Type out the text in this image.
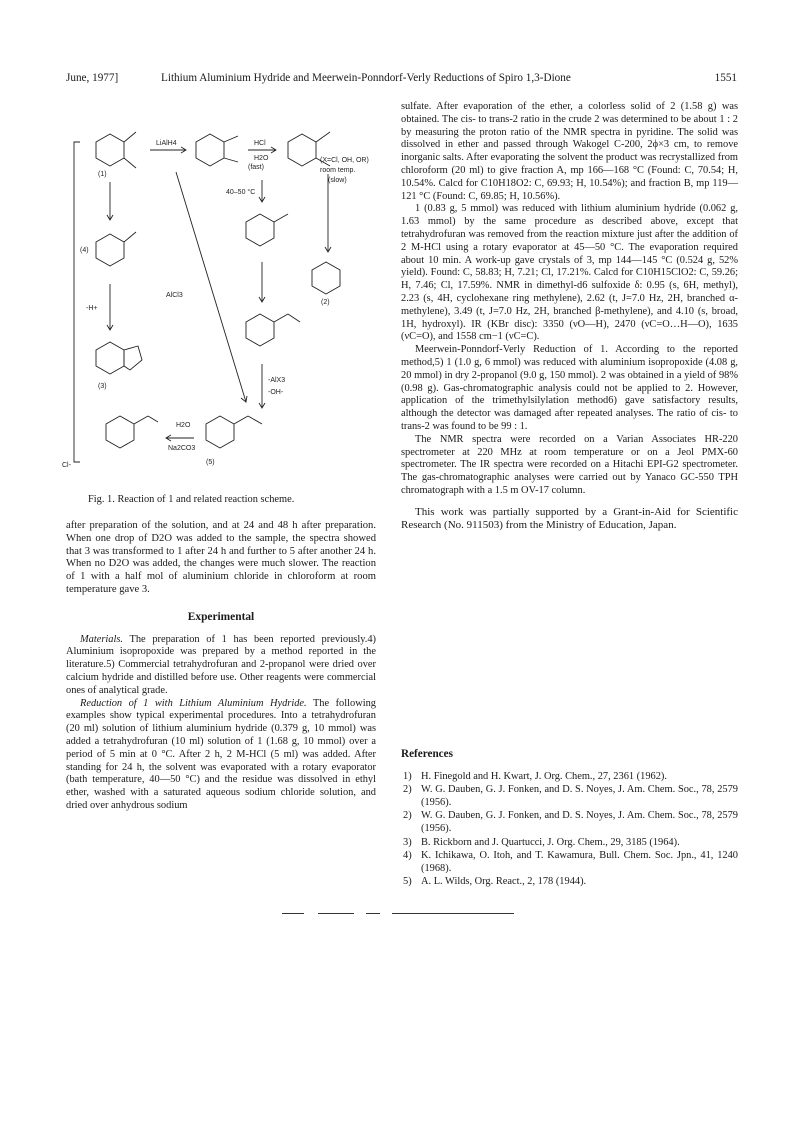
June, 1977]	Lithium Aluminium Hydride and Meerwein-Ponndorf-Verly Reductions of Spiro 1,3-Dione	1551
LiAlH4	HCl
H2O
(fast)
40–50 °C
(X=Cl, OH, OR)
room temp.
(slow)
-H+
AlCl3
H2O
Na2CO3
-AlX3
-OH-
Cl-
(1)
(2)
(3)
(4)
(5)
Fig. 1. Reaction of 1 and related reaction scheme.

after preparation of the solution, and at 24 and 48 h after preparation. When one drop of D2O was added to the sample, the spectra showed that 3 was transformed to 1 after 24 h and further to 5 after another 24 h. When no D2O was added, the changes were much slower. The reaction of 1 with a half mol of aluminium chloride in chloroform at room temperature gave 3.

Experimental

Materials. The preparation of 1 has been reported previously.4) Aluminium isopropoxide was prepared by a method reported in the literature.5) Commercial tetrahydrofuran and 2-propanol were dried over calcium hydride and distilled before use. Other reagents were commercial ones of analytical grade.

Reduction of 1 with Lithium Aluminium Hydride. The following examples show typical experimental procedures. Into a tetrahydrofuran (20 ml) solution of lithium aluminium hydride (0.379 g, 10 mmol) was added a tetrahydrofuran (10 ml) solution of 1 (1.68 g, 10 mmol) over a period of 5 min at 0 °C. After 2 h, 2 M-HCl (5 ml) was added. After standing for 24 h, the solvent was evaporated with a rotary evaporator (bath temperature, 40—50 °C) and the residue was dissolved in ethyl ether, washed with a saturated aqueous sodium chloride solution, and dried over anhydrous sodium

sulfate. After evaporation of the ether, a colorless solid of 2 (1.58 g) was obtained. The cis- to trans-2 ratio in the crude 2 was determined to be about 1 : 2 by measuring the proton ratio of the NMR spectra in pyridine. The solid was dissolved in ether and passed through Wakogel C-200, 2ϕ×3 cm, to remove inorganic salts. After evaporating the solvent the product was recrystallized from chloroform (20 ml) to give fraction A, mp 166—168 °C (Found: C, 70.54; H, 10.54%. Calcd for C10H18O2: C, 69.93; H, 10.54%); and fraction B, mp 119—121 °C (Found: C, 69.85; H, 10.56%).

1 (0.83 g, 5 mmol) was reduced with lithium aluminium hydride (0.062 g, 1.63 mmol) by the same procedure as described above, except that tetrahydrofuran was removed from the reaction mixture just after the addition of 2 M-HCl using a rotary evaporator at 45—50 °C. The evaporation required about 10 min. A work-up gave crystals of 3, mp 144—145 °C (0.524 g, 52% yield). Found: C, 58.83; H, 7.21; Cl, 17.21%. Calcd for C10H15ClO2: C, 59.26; H, 7.46; Cl, 17.59%. NMR in dimethyl-d6 sulfoxide δ: 0.95 (s, 6H, methyl), 2.23 (s, 4H, cyclohexane ring methylene), 2.62 (t, J=7.0 Hz, 2H, branched α-methylene), 3.49 (t, J=7.0 Hz, 2H, branched β-methylene), and 4.10 (s, broad, 1H, hydroxyl). IR (KBr disc): 3350 (νO—H), 2470 (νC=O…H—O), 1635 (νC=O), and 1558 cm−1 (νC=C).

Meerwein-Ponndorf-Verly Reduction of 1. According to the reported method,5) 1 (1.0 g, 6 mmol) was reduced with aluminium isopropoxide (4.08 g, 20 mmol) in dry 2-propanol (9.0 g, 150 mmol). 2 was obtained in a yield of 98% (0.98 g). Gas-chromatographic analysis could not be applied to 2. However, application of the trimethylsilylation method6) gave satisfactory results, although the detector was damaged after repeated analyses. The ratio of cis- to trans-2 was found to be 99 : 1.

The NMR spectra were recorded on a Varian Associates HR-220 spectrometer at 220 MHz at room temperature or on a Jeol PMX-60 spectrometer. The IR spectra were recorded on a Hitachi EPI-G2 spectrometer. The gas-chromatographic analyses were carried out by Yanaco GC-550 TPH chromatograph with a 1.5 m OV-17 column.

This work was partially supported by a Grant-in-Aid for Scientific Research (No. 911503) from the Ministry of Education, Japan.

References

1) H. Finegold and H. Kwart, J. Org. Chem., 27, 2361 (1962).
2) W. G. Dauben, G. J. Fonken, and D. S. Noyes, J. Am. Chem. Soc., 78, 2579 (1956).
2) W. G. Dauben, G. J. Fonken, and D. S. Noyes, J. Am. Chem. Soc., 78, 2579 (1956).
3) B. Rickborn and J. Quartucci, J. Org. Chem., 29, 3185 (1964).
4) K. Ichikawa, O. Itoh, and T. Kawamura, Bull. Chem. Soc. Jpn., 41, 1240 (1968).
5) A. L. Wilds, Org. React., 2, 178 (1944).
